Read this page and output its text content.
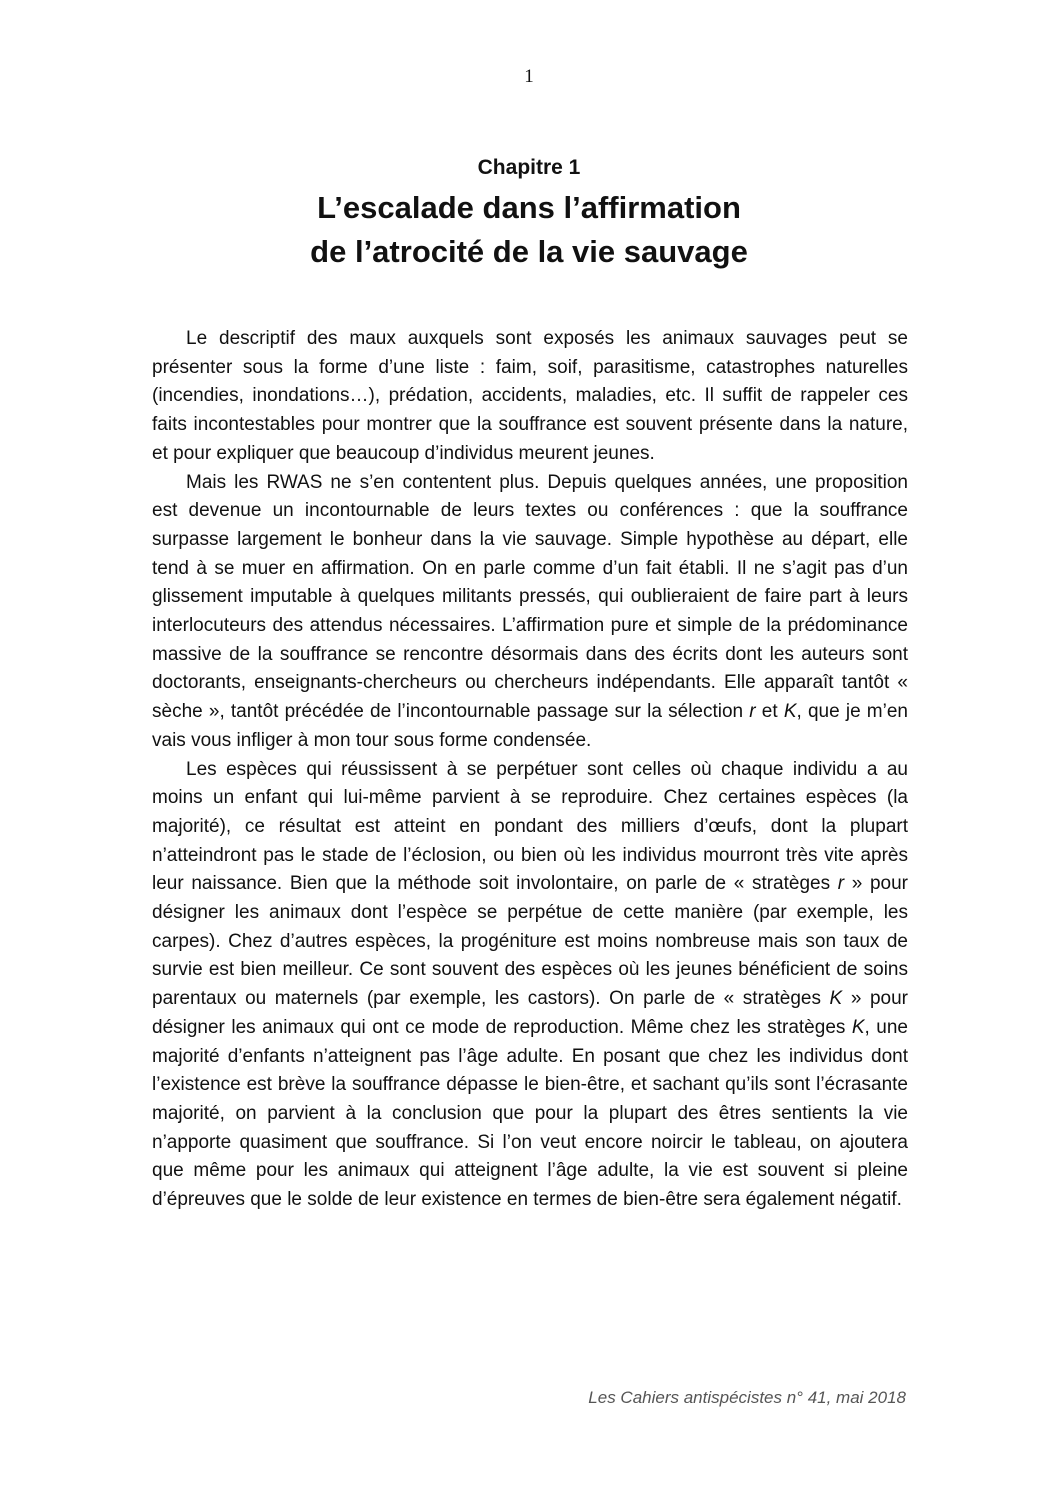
1
Chapitre 1
L’escalade dans l’affirmation
de l’atrocité de la vie sauvage

Le descriptif des maux auxquels sont exposés les animaux sauvages peut se présenter sous la forme d’une liste : faim, soif, parasitisme, catastrophes naturelles (incendies, inondations…), prédation, accidents, maladies, etc. Il suffit de rappeler ces faits incontestables pour montrer que la souffrance est souvent présente dans la nature, et pour expliquer que beaucoup d’individus meurent jeunes.

Mais les RWAS ne s’en contentent plus. Depuis quelques années, une proposition est devenue un incontournable de leurs textes ou conférences : que la souffrance surpasse largement le bonheur dans la vie sauvage. Simple hypothèse au départ, elle tend à se muer en affirmation. On en parle comme d’un fait établi. Il ne s’agit pas d’un glissement imputable à quelques militants pressés, qui oublieraient de faire part à leurs interlocuteurs des attendus nécessaires. L’affirmation pure et simple de la prédominance massive de la souffrance se rencontre désormais dans des écrits dont les auteurs sont doctorants, enseignants-chercheurs ou chercheurs indépendants. Elle apparaît tantôt « sèche », tantôt précédée de l’incontournable passage sur la sélection r et K, que je m’en vais vous infliger à mon tour sous forme condensée.

Les espèces qui réussissent à se perpétuer sont celles où chaque individu a au moins un enfant qui lui-même parvient à se reproduire. Chez certaines espèces (la majorité), ce résultat est atteint en pondant des milliers d’œufs, dont la plupart n’atteindront pas le stade de l’éclosion, ou bien où les individus mourront très vite après leur naissance. Bien que la méthode soit involontaire, on parle de « stratèges r » pour désigner les animaux dont l’espèce se perpétue de cette manière (par exemple, les carpes). Chez d’autres espèces, la progéniture est moins nombreuse mais son taux de survie est bien meilleur. Ce sont souvent des espèces où les jeunes bénéficient de soins parentaux ou maternels (par exemple, les castors). On parle de « stratèges K » pour désigner les animaux qui ont ce mode de reproduction. Même chez les stratèges K, une majorité d’enfants n’atteignent pas l’âge adulte. En posant que chez les individus dont l’existence est brève la souffrance dépasse le bien-être, et sachant qu’ils sont l’écrasante majorité, on parvient à la conclusion que pour la plupart des êtres sentients la vie n’apporte quasiment que souffrance. Si l’on veut encore noircir le tableau, on ajoutera que même pour les animaux qui atteignent l’âge adulte, la vie est souvent si pleine d’épreuves que le solde de leur existence en termes de bien-être sera également négatif.

Les Cahiers antispécistes n° 41, mai 2018
